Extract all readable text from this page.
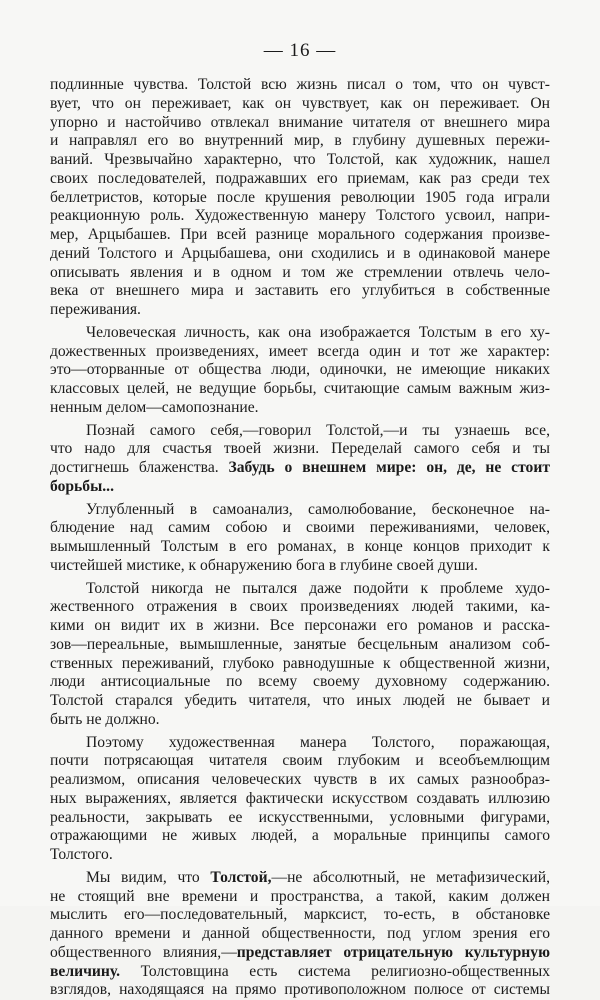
— 16 —
подлинные чувства. Толстой всю жизнь писал о том, что он чувст-
вует, что он переживает, как он чувствует, как он переживает. Он
упорно и настойчиво отвлекал внимание читателя от внешнего мира
и направлял его во внутренний мир, в глубину душевных пережи-
ваний. Чрезвычайно характерно, что Толстой, как художник, нашел
своих последователей, подражавших его приемам, как раз среди тех
беллетристов, которые после крушения революции 1905 года играли
реакционную роль. Художественную манеру Толстого усвоил, напри-
мер, Арцыбашев. При всей разнице морального содержания произве-
дений Толстого и Арцыбашева, они сходились и в одинаковой манере
описывать явления и в одном и том же стремлении отвлечь чело-
века от внешнего мира и заставить его углубиться в собственные
переживания.
Человеческая личность, как она изображается Толстым в его ху-
дожественных произведениях, имеет всегда один и тот же характер:
это—оторванные от общества люди, одиночки, не имеющие никаких
классовых целей, не ведущие борьбы, считающие самым важным жиз-
ненным делом—самопознание.
Познай самого себя,—говорил Толстой,—и ты узнаешь все,
что надо для счастья твоей жизни. Переделай самого себя и ты
достигнешь блаженства. Забудь о внешнем мире: он, де, не стоит
борьбы...
Углубленный в самоанализ, самолюбование, бесконечное на-
блюдение над самим собою и своими переживаниями, человек,
вымышленный Толстым в его романах, в конце концов приходит к
чистейшей мистике, к обнаружению бога в глубине своей души.
Толстой никогда не пытался даже подойти к проблеме худо-
жественного отражения в своих произведениях людей такими, ка-
кими он видит их в жизни. Все персонажи его романов и расска-
зов—переальные, вымышленные, занятые бесцельным анализом соб-
ственных переживаний, глубоко равнодушные к общественной жизни,
люди антисоциальные по всему своему духовному содержанию.
Толстой старался убедить читателя, что иных людей не бывает и
быть не должно.
Поэтому художественная манера Толстого, поражающая,
почти потрясающая читателя своим глубоким и всеобъемлющим
реализмом, описания человеческих чувств в их самых разнообраз-
ных выражениях, является фактически искусством создавать иллюзию
реальности, закрывать ее искусственными, условными фигурами,
отражающими не живых людей, а моральные принципы самого
Толстого.
Мы видим, что Толстой,—не абсолютный, не метафизический,
не стоящий вне времени и пространства, а такой, каким должен
мыслить его—последовательный, марксист, то-есть, в обстановке
данного времени и данной общественности, под углом зрения его
общественного влияния,—представляет отрицательную культурную
величину. Толстовщина есть система религиозно-общественных
взглядов, находящаяся на прямо противоположном полюсе от системы
